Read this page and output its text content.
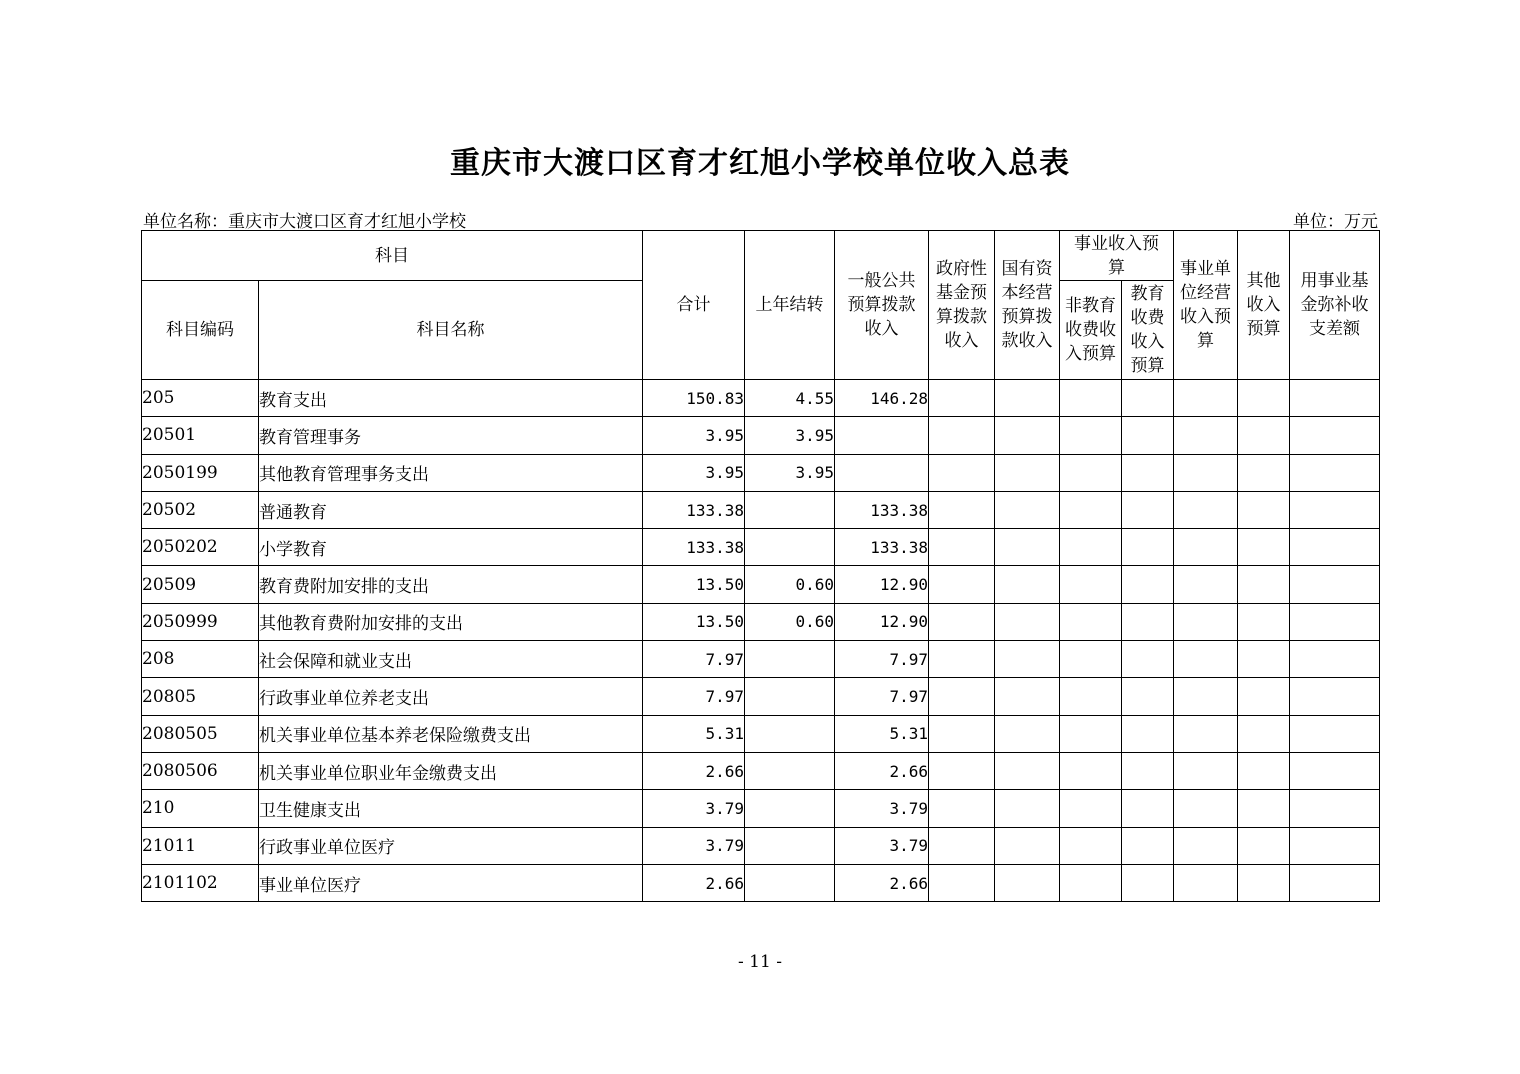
重庆市大渡口区育才红旭小学校单位收入总表
单位名称：重庆市大渡口区育才红旭小学校	单位：万元
科目		合计	上年结转	一般公共预算拨款收入	政府性基金预算拨款收入	国有资本经营预算拨款收入	事业收入预算		事业单位经营收入预算	其他收入预算	用事业基金弥补收支差额
科目编码	科目名称						非教育收费收入预算	教育收费收入预算			
205	教育支出	150.83	4.55	146.28							
20501	教育管理事务	3.95	3.95								
2050199	其他教育管理事务支出	3.95	3.95								
20502	普通教育	133.38		133.38							
2050202	小学教育	133.38		133.38							
20509	教育费附加安排的支出	13.50	0.60	12.90							
2050999	其他教育费附加安排的支出	13.50	0.60	12.90							
208	社会保障和就业支出	7.97		7.97							
20805	行政事业单位养老支出	7.97		7.97							
2080505	机关事业单位基本养老保险缴费支出	5.31		5.31							
2080506	机关事业单位职业年金缴费支出	2.66		2.66							
210	卫生健康支出	3.79		3.79							
21011	行政事业单位医疗	3.79		3.79							
2101102	事业单位医疗	2.66		2.66							
- 11 -
